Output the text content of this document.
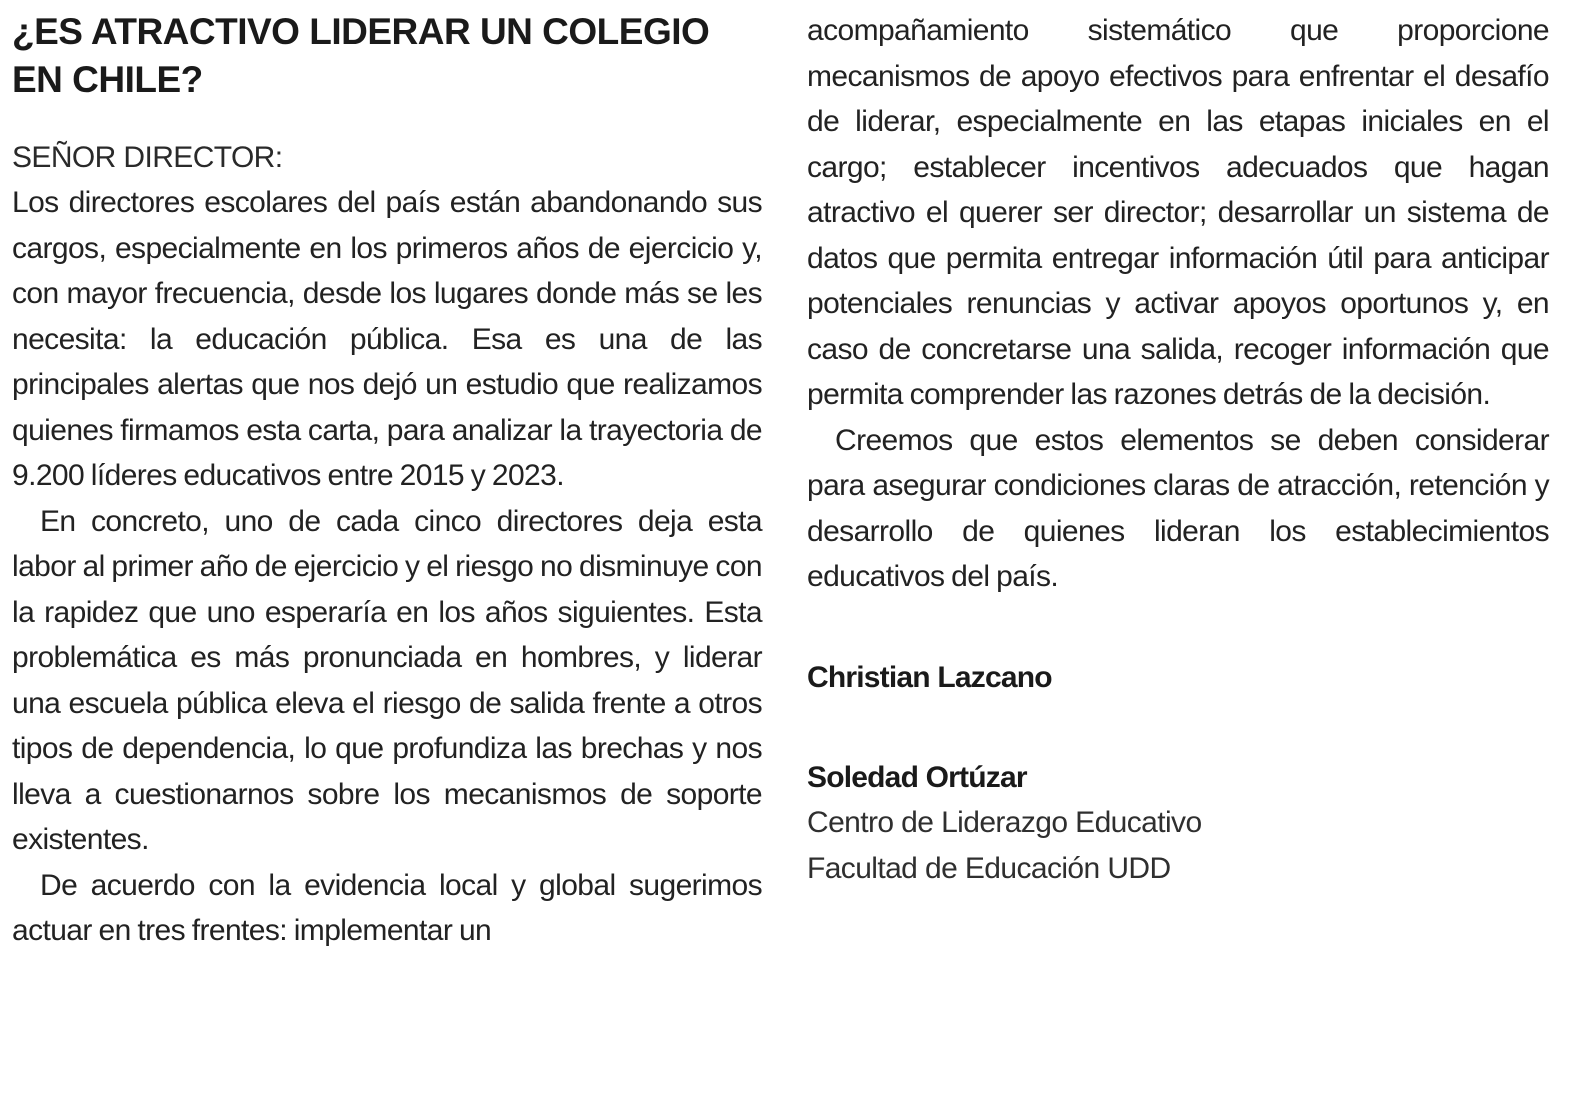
¿ES ATRACTIVO LIDERAR UN COLEGIO EN CHILE?

SEÑOR DIRECTOR:

Los directores escolares del país están abandonando sus cargos, especialmente en los primeros años de ejercicio y, con mayor frecuencia, desde los lugares donde más se les necesita: la educación pública. Esa es una de las principales alertas que nos dejó un estudio que realizamos quienes firmamos esta carta, para analizar la trayectoria de 9.200 líderes educativos entre 2015 y 2023.

En concreto, uno de cada cinco directores deja esta labor al primer año de ejercicio y el riesgo no disminuye con la rapidez que uno esperaría en los años siguientes. Esta problemática es más pronunciada en hombres, y liderar una escuela pública eleva el riesgo de salida frente a otros tipos de dependencia, lo que profundiza las brechas y nos lleva a cuestionarnos sobre los mecanismos de soporte existentes.

De acuerdo con la evidencia local y global sugerimos actuar en tres frentes: implementar un

acompañamiento sistemático que proporcione mecanismos de apoyo efectivos para enfrentar el desafío de liderar, especialmente en las etapas iniciales en el cargo; establecer incentivos adecuados que hagan atractivo el querer ser director; desarrollar un sistema de datos que permita entregar información útil para anticipar potenciales renuncias y activar apoyos oportunos y, en caso de concretarse una salida, recoger información que permita comprender las razones detrás de la decisión.

Creemos que estos elementos se deben considerar para asegurar condiciones claras de atracción, retención y desarrollo de quienes lideran los establecimientos educativos del país.

Christian Lazcano

Soledad Ortúzar

Centro de Liderazgo Educativo

Facultad de Educación UDD
